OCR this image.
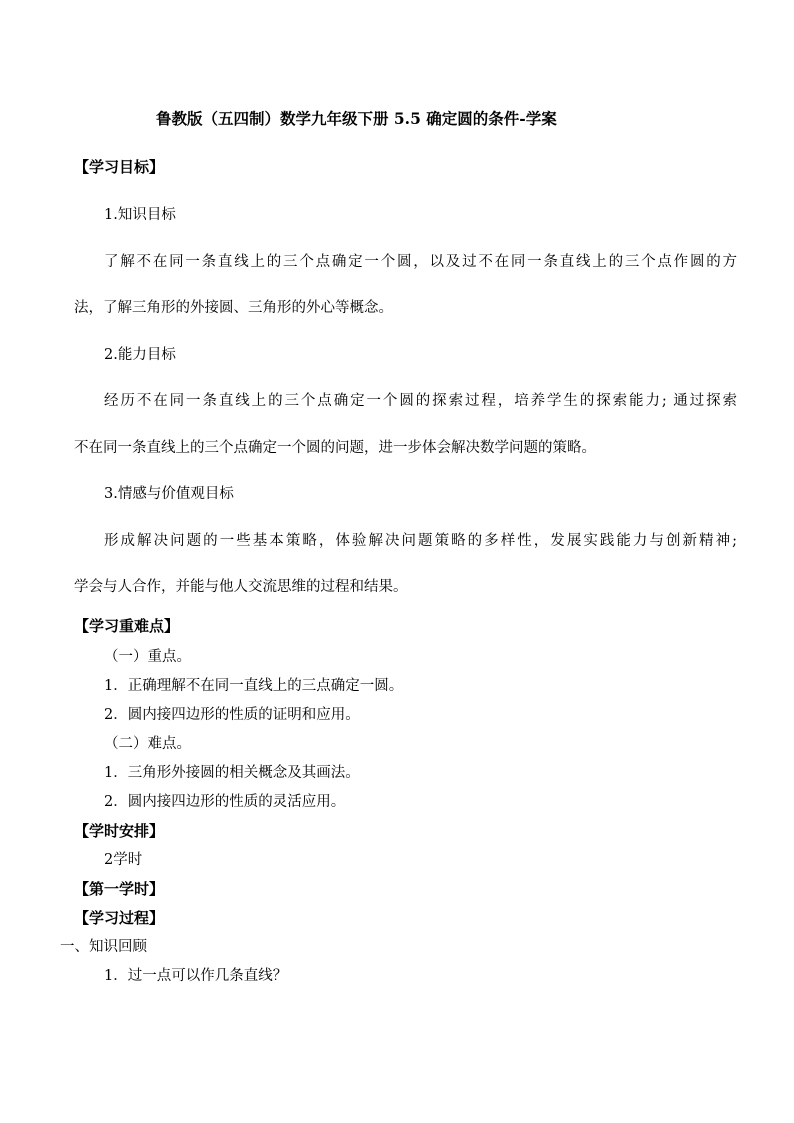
鲁教版（五四制）数学九年级下册 5.5 确定圆的条件-学案
【学习目标】
1.知识目标
了解不在同一条直线上的三个点确定一个圆，以及过不在同一条直线上的三个点作圆的方
法，了解三角形的外接圆、三角形的外心等概念。
2.能力目标
经历不在同一条直线上的三个点确定一个圆的探索过程，培养学生的探索能力; 通过探索
不在同一条直线上的三个点确定一个圆的问题，进一步体会解决数学问题的策略。
3.情感与价值观目标
形成解决问题的一些基本策略，体验解决问题策略的多样性，发展实践能力与创新精神;
学会与人合作，并能与他人交流思维的过程和结果。
【学习重难点】
（一）重点。
1．正确理解不在同一直线上的三点确定一圆。
2．圆内接四边形的性质的证明和应用。
（二）难点。
1．三角形外接圆的相关概念及其画法。
2．圆内接四边形的性质的灵活应用。
【学时安排】
2学时
【第一学时】
【学习过程】
一、知识回顾
1．过一点可以作几条直线？
